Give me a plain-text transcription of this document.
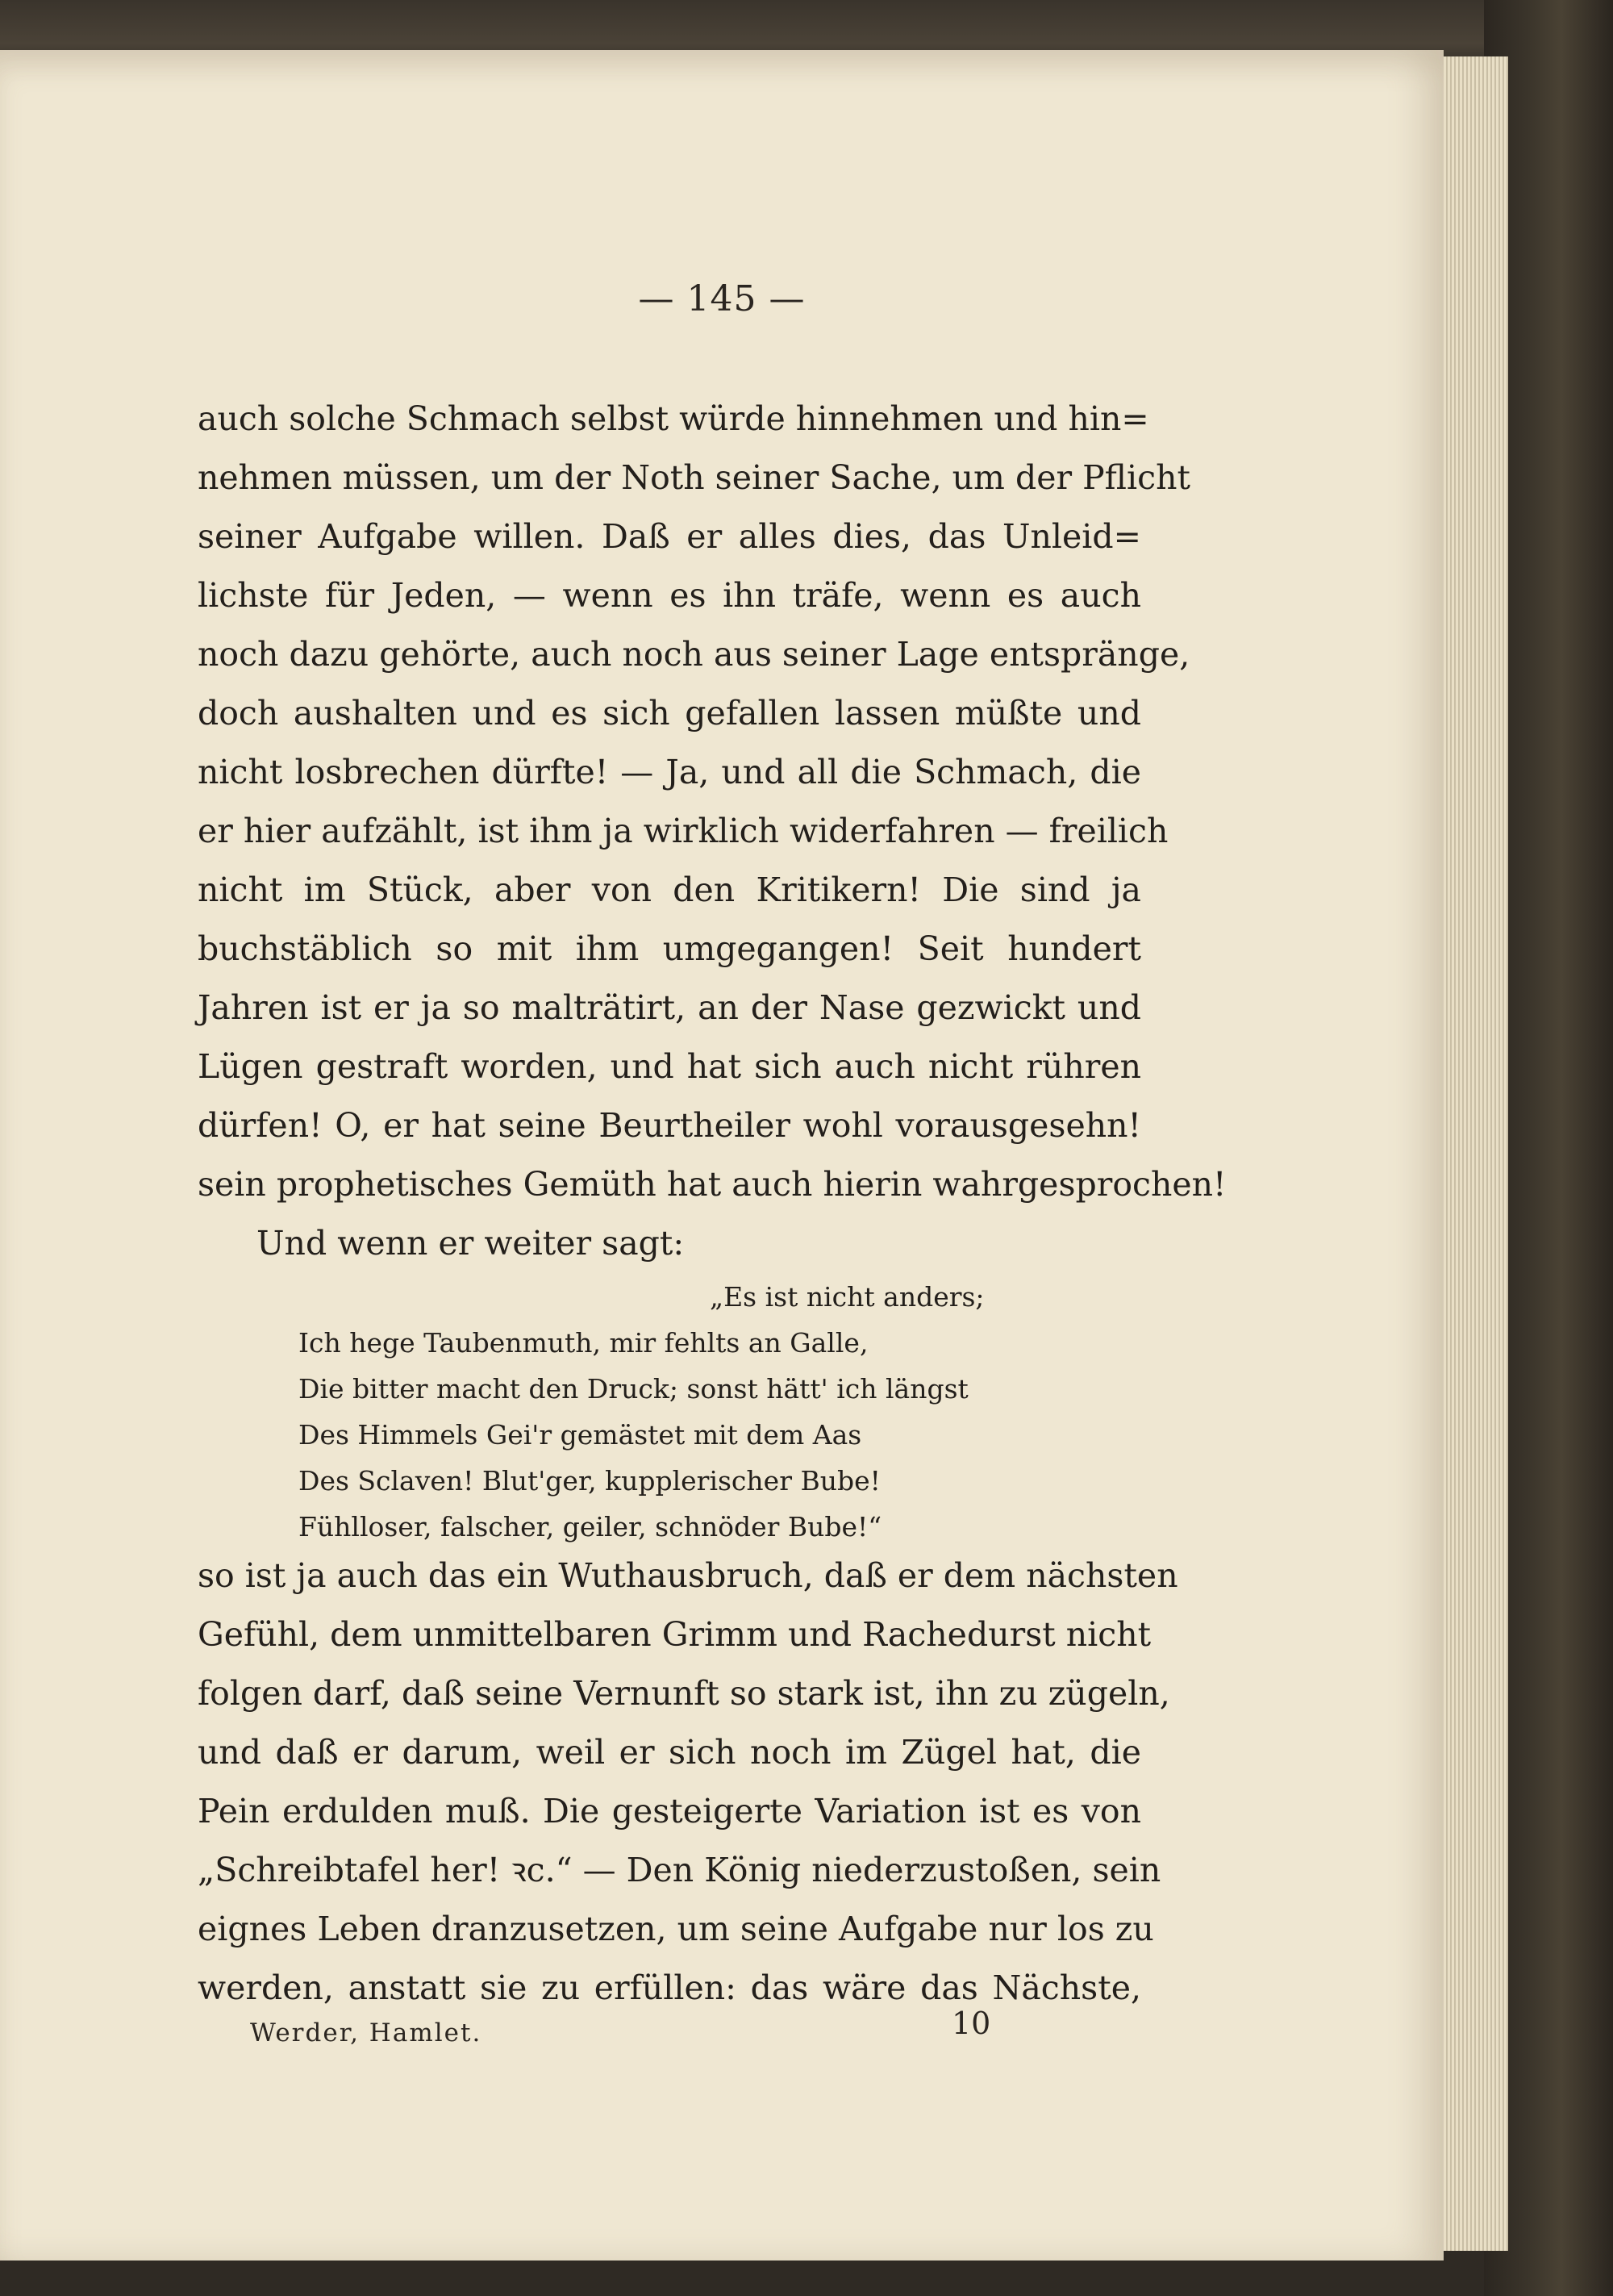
— 145 —
auch solche Schmach selbst würde hinnehmen und hin=
nehmen müssen, um der Noth seiner Sache, um der Pflicht
seiner Aufgabe willen. Daß er alles dies, das Unleid=
lichste für Jeden, — wenn es ihn träfe, wenn es auch
noch dazu gehörte, auch noch aus seiner Lage entspränge,
doch aushalten und es sich gefallen lassen müßte und
nicht losbrechen dürfte! — Ja, und all die Schmach, die
er hier aufzählt, ist ihm ja wirklich widerfahren — freilich
nicht im Stück, aber von den Kritikern! Die sind ja
buchstäblich so mit ihm umgegangen! Seit hundert
Jahren ist er ja so malträtirt, an der Nase gezwickt und
Lügen gestraft worden, und hat sich auch nicht rühren
dürfen! O, er hat seine Beurtheiler wohl vorausgesehn!
sein prophetisches Gemüth hat auch hierin wahrgesprochen!
Und wenn er weiter sagt:
„Es ist nicht anders;
Ich hege Taubenmuth, mir fehlts an Galle,
Die bitter macht den Druck; sonst hätt' ich längst
Des Himmels Gei'r gemästet mit dem Aas
Des Sclaven! Blut'ger, kupplerischer Bube!
Fühlloser, falscher, geiler, schnöder Bube!“
so ist ja auch das ein Wuthausbruch, daß er dem nächsten
Gefühl, dem unmittelbaren Grimm und Rachedurst nicht
folgen darf, daß seine Vernunft so stark ist, ihn zu zügeln,
und daß er darum, weil er sich noch im Zügel hat, die
Pein erdulden muß. Die gesteigerte Variation ist es von
„Schreibtafel her! ꝛc.“ — Den König niederzustoßen, sein
eignes Leben dranzusetzen, um seine Aufgabe nur los zu
werden, anstatt sie zu erfüllen: das wäre das Nächste,
Werder, Hamlet.	10
